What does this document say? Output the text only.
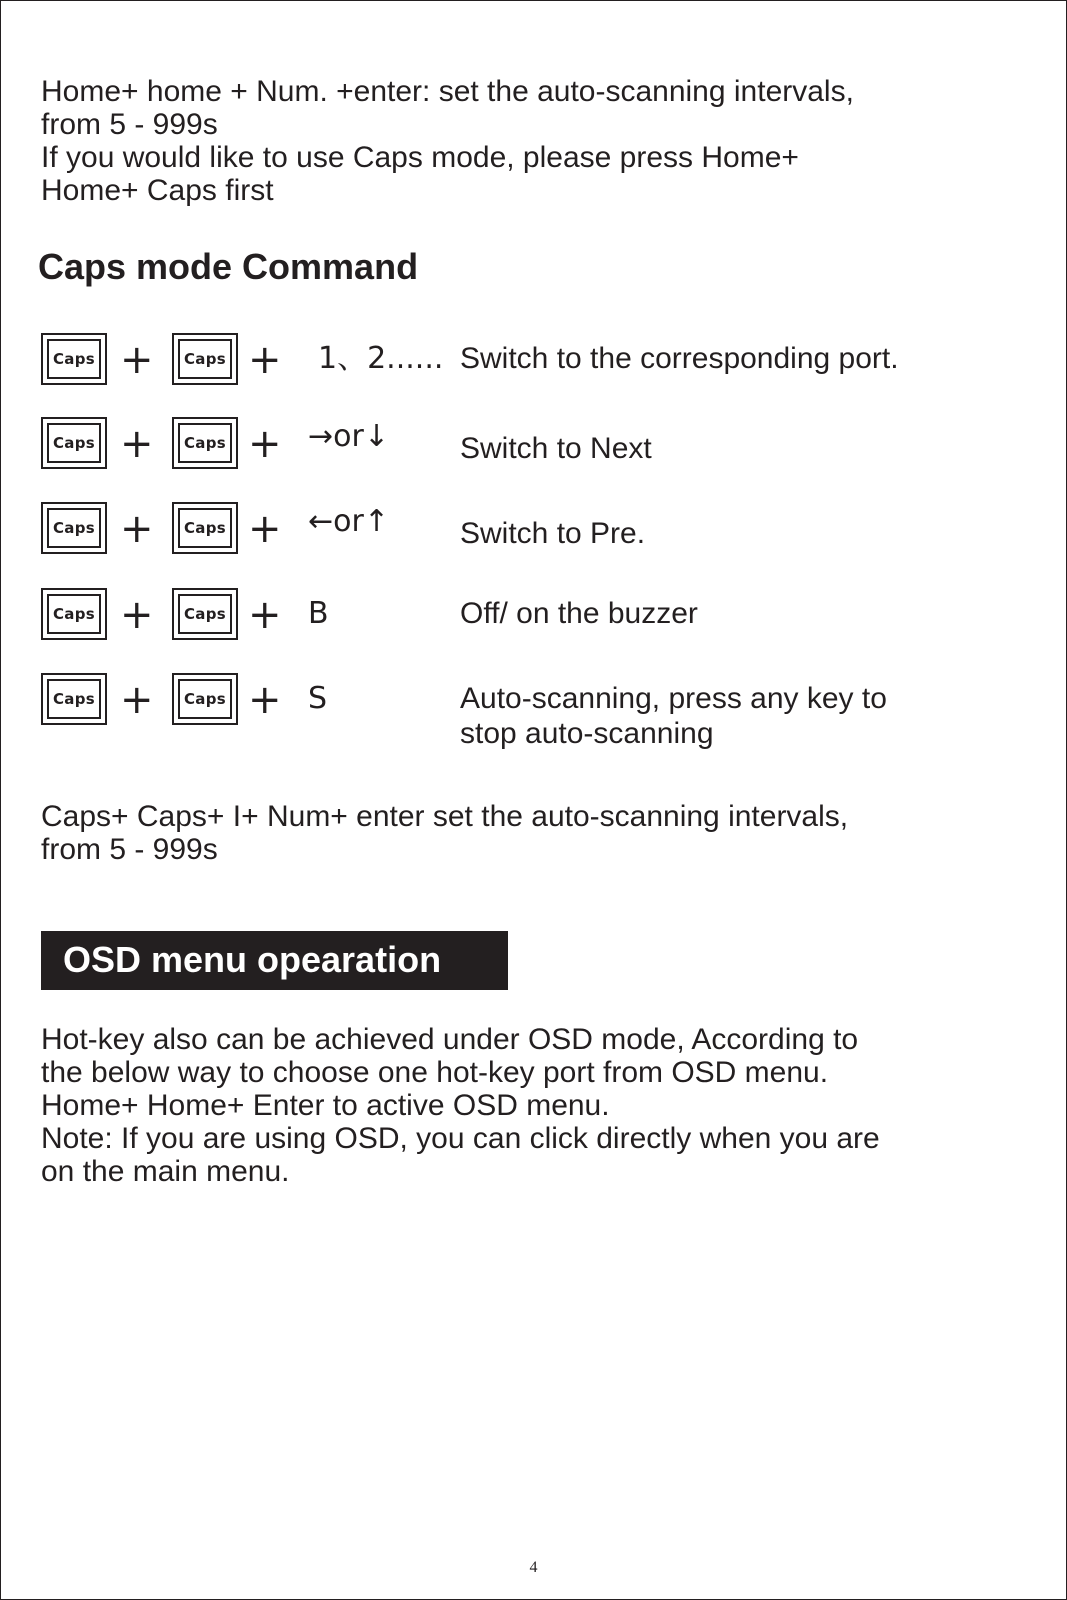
Home+ home + Num. +enter: set the auto-scanning intervals,
from 5 - 999s
If you would like to use Caps mode, please press Home+
Home+ Caps first
Caps mode Command
Caps +	Caps + 1、2...... Switch to the corresponding port.
Caps +	Caps + →or↓ Switch to Next
Caps +	Caps + ←or↑ Switch to Pre.
Caps +	Caps + B	Off/ on the buzzer
Caps +	Caps + S	Auto-scanning, press any key to
stop auto-scanning
Caps+ Caps+ I+ Num+ enter set the auto-scanning intervals,
from 5 - 999s
OSD menu opearation
Hot-key also can be achieved under OSD mode, According to
the below way to choose one hot-key port from OSD menu.
Home+ Home+ Enter to active OSD menu.
Note: If you are using OSD, you can click directly when you are
on the main menu.
4
